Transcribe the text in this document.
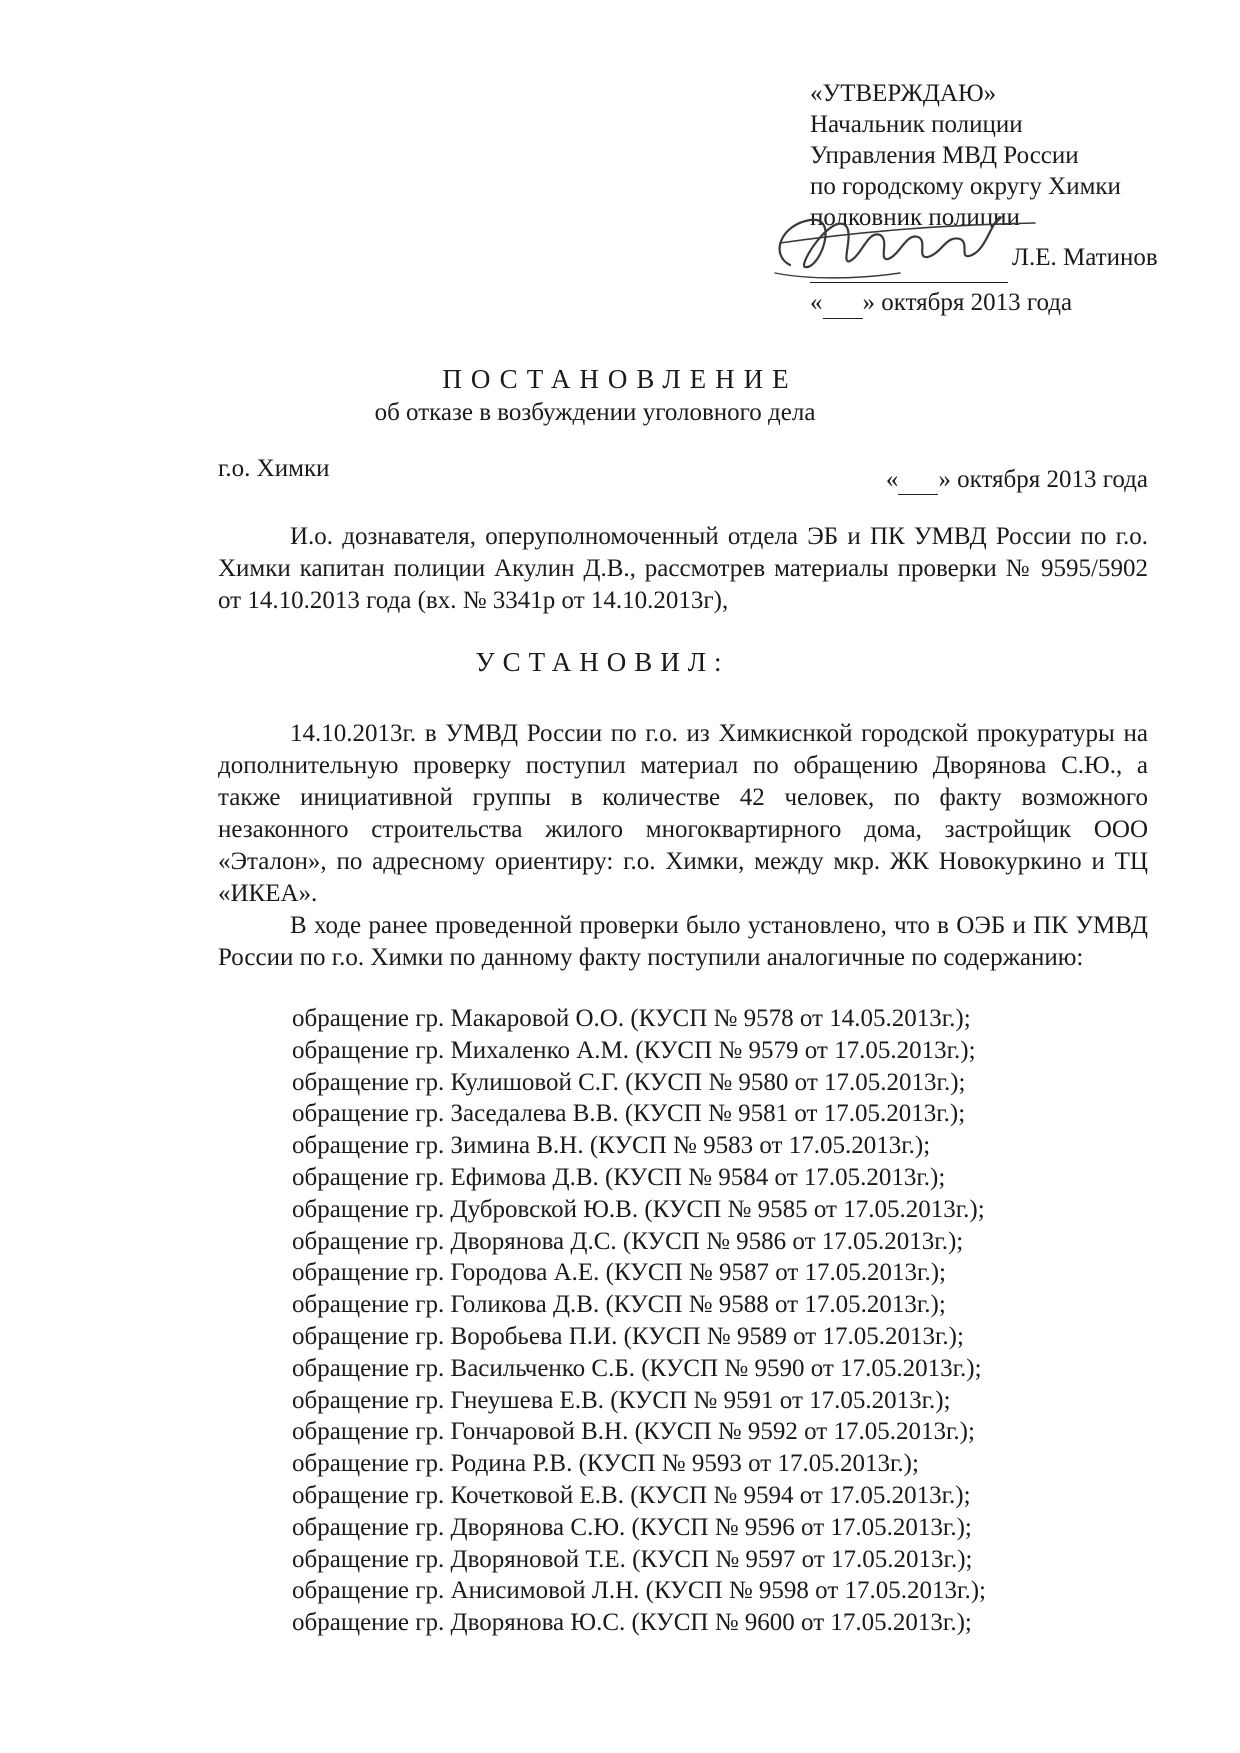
«УТВЕРЖДАЮ»
Начальник полиции
Управления МВД России
по городскому округу Химки
полковник полиции
Л.Е. Матинов
« » октября 2013 года
ПОСТАНОВЛЕНИЕ
об отказе в возбуждении уголовного дела
г.о. Химки	« » октября 2013 года
И.о. дознавателя, оперуполномоченный отдела ЭБ и ПК УМВД России по г.о. Химки капитан полиции Акулин Д.В., рассмотрев материалы проверки № 9595/5902 от 14.10.2013 года (вх. № 3341р от 14.10.2013г),
УСТАНОВИЛ:

14.10.2013г. в УМВД России по г.о. из Химкиснкой городской прокуратуры на дополнительную проверку поступил материал по обращению Дворянова С.Ю., а также инициативной группы в количестве 42 человек, по факту возможного незаконного строительства жилого многоквартирного дома, застройщик ООО «Эталон», по адресному ориентиру: г.о. Химки, между мкр. ЖК Новокуркино и ТЦ «ИКЕА».

В ходе ранее проведенной проверки было установлено, что в ОЭБ и ПК УМВД России по г.о. Химки по данному факту поступили аналогичные по содержанию:

обращение гр. Макаровой О.О. (КУСП № 9578 от 14.05.2013г.);
обращение гр. Михаленко А.М. (КУСП № 9579 от 17.05.2013г.);
обращение гр. Кулишовой С.Г. (КУСП № 9580 от 17.05.2013г.);
обращение гр. Заседалева В.В. (КУСП № 9581 от 17.05.2013г.);
обращение гр. Зимина В.Н. (КУСП № 9583 от 17.05.2013г.);
обращение гр. Ефимова Д.В. (КУСП № 9584 от 17.05.2013г.);
обращение гр. Дубровской Ю.В. (КУСП № 9585 от 17.05.2013г.);
обращение гр. Дворянова Д.С. (КУСП № 9586 от 17.05.2013г.);
обращение гр. Городова А.Е. (КУСП № 9587 от 17.05.2013г.);
обращение гр. Голикова Д.В. (КУСП № 9588 от 17.05.2013г.);
обращение гр. Воробьева П.И. (КУСП № 9589 от 17.05.2013г.);
обращение гр. Васильченко С.Б. (КУСП № 9590 от 17.05.2013г.);
обращение гр. Гнеушева Е.В. (КУСП № 9591 от 17.05.2013г.);
обращение гр. Гончаровой В.Н. (КУСП № 9592 от 17.05.2013г.);
обращение гр. Родина Р.В. (КУСП № 9593 от 17.05.2013г.);
обращение гр. Кочетковой Е.В. (КУСП № 9594 от 17.05.2013г.);
обращение гр. Дворянова С.Ю. (КУСП № 9596 от 17.05.2013г.);
обращение гр. Дворяновой Т.Е. (КУСП № 9597 от 17.05.2013г.);
обращение гр. Анисимовой Л.Н. (КУСП № 9598 от 17.05.2013г.);
обращение гр. Дворянова Ю.С. (КУСП № 9600 от 17.05.2013г.);
